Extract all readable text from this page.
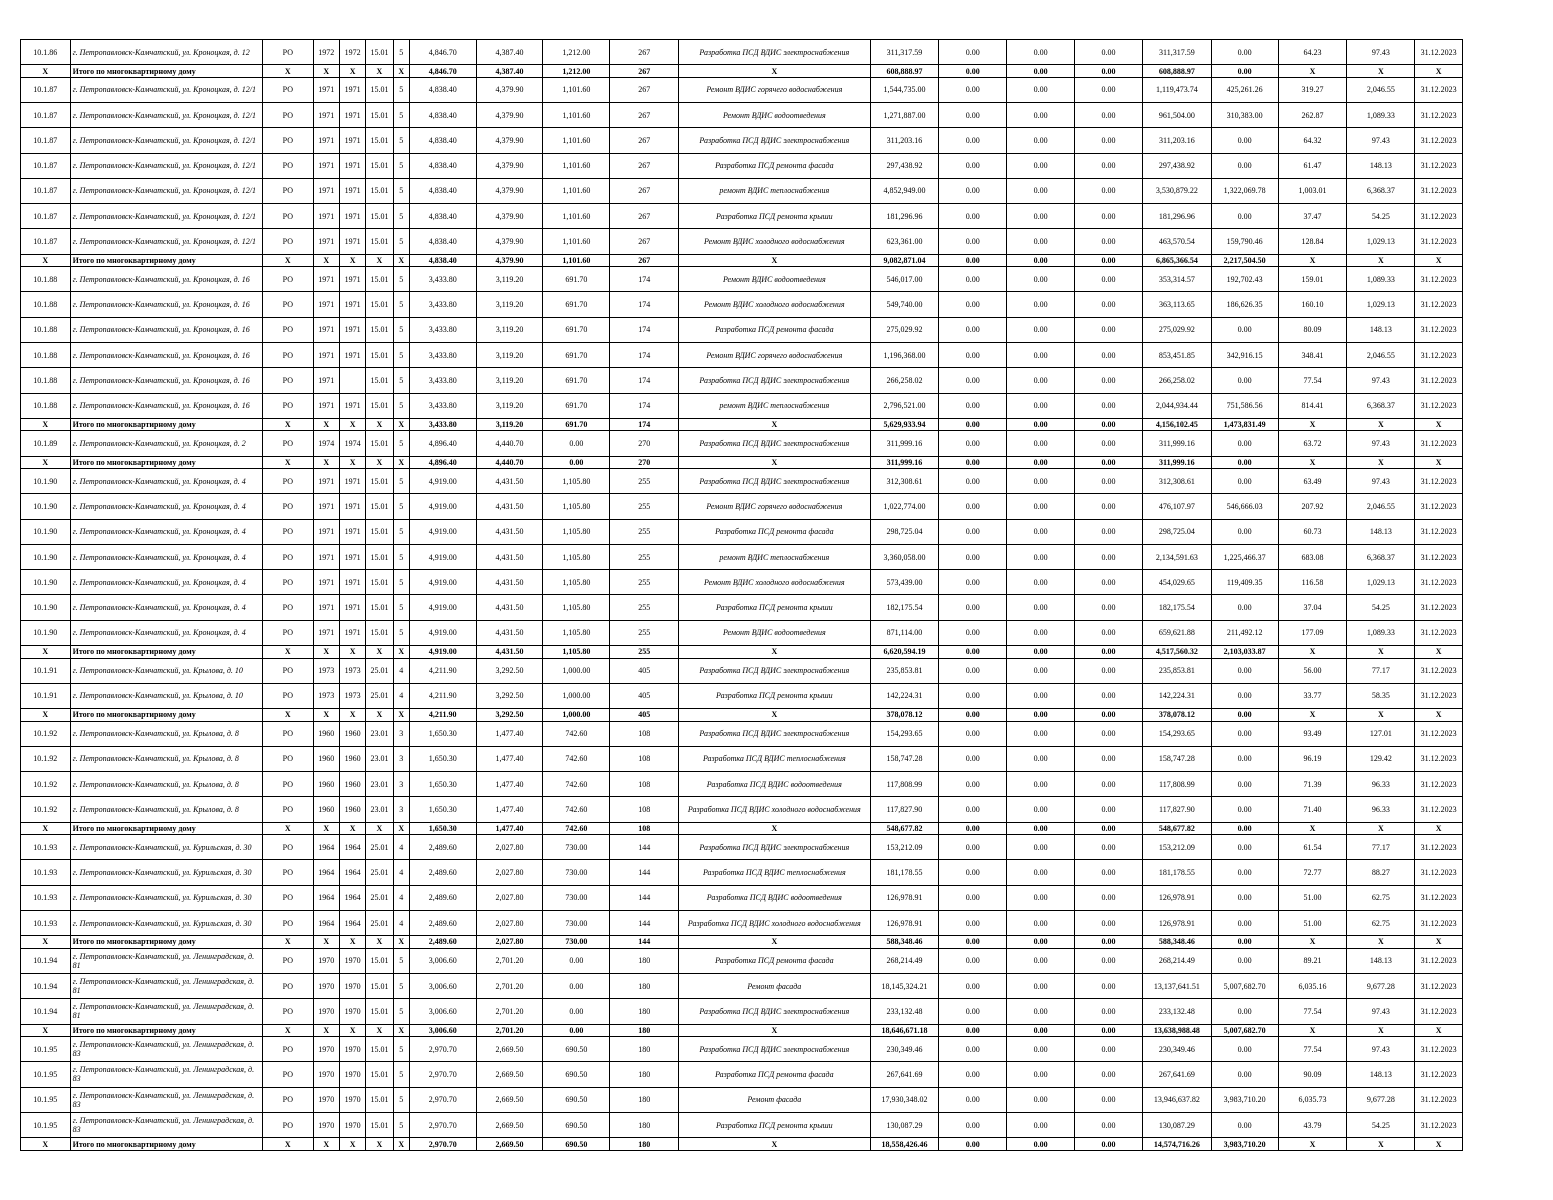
10.1.86	г. Петропавловск-Камчатский, ул. Кроноцкая, д. 12	РО	1972	1972	15.01	5	4,846.70	4,387.40	1,212.00	267	Разработка ПСД ВДИС электроснабжения	311,317.59	0.00	0.00	0.00	311,317.59	0.00	64.23	97.43	31.12.2023
X	Итого по многоквартирному дому	X	X	X	X	X	4,846.70	4,387.40	1,212.00	267	X	608,888.97	0.00	0.00	0.00	608,888.97	0.00	X	X	X
10.1.87	г. Петропавловск-Камчатский, ул. Кроноцкая, д. 12/1	РО	1971	1971	15.01	5	4,838.40	4,379.90	1,101.60	267	Ремонт ВДИС горячего водоснабжения	1,544,735.00	0.00	0.00	0.00	1,119,473.74	425,261.26	319.27	2,046.55	31.12.2023
10.1.87	г. Петропавловск-Камчатский, ул. Кроноцкая, д. 12/1	РО	1971	1971	15.01	5	4,838.40	4,379.90	1,101.60	267	Ремонт ВДИС водоотведения	1,271,887.00	0.00	0.00	0.00	961,504.00	310,383.00	262.87	1,089.33	31.12.2023
10.1.87	г. Петропавловск-Камчатский, ул. Кроноцкая, д. 12/1	РО	1971	1971	15.01	5	4,838.40	4,379.90	1,101.60	267	Разработка ПСД ВДИС электроснабжения	311,203.16	0.00	0.00	0.00	311,203.16	0.00	64.32	97.43	31.12.2023
10.1.87	г. Петропавловск-Камчатский, ул. Кроноцкая, д. 12/1	РО	1971	1971	15.01	5	4,838.40	4,379.90	1,101.60	267	Разработка ПСД ремонта фасада	297,438.92	0.00	0.00	0.00	297,438.92	0.00	61.47	148.13	31.12.2023
10.1.87	г. Петропавловск-Камчатский, ул. Кроноцкая, д. 12/1	РО	1971	1971	15.01	5	4,838.40	4,379.90	1,101.60	267	ремонт ВДИС теплоснабжения	4,852,949.00	0.00	0.00	0.00	3,530,879.22	1,322,069.78	1,003.01	6,368.37	31.12.2023
10.1.87	г. Петропавловск-Камчатский, ул. Кроноцкая, д. 12/1	РО	1971	1971	15.01	5	4,838.40	4,379.90	1,101.60	267	Разработка ПСД ремонта крыши	181,296.96	0.00	0.00	0.00	181,296.96	0.00	37.47	54.25	31.12.2023
10.1.87	г. Петропавловск-Камчатский, ул. Кроноцкая, д. 12/1	РО	1971	1971	15.01	5	4,838.40	4,379.90	1,101.60	267	Ремонт ВДИС холодного водоснабжения	623,361.00	0.00	0.00	0.00	463,570.54	159,790.46	128.84	1,029.13	31.12.2023
X	Итого по многоквартирному дому	X	X	X	X	X	4,838.40	4,379.90	1,101.60	267	X	9,082,871.04	0.00	0.00	0.00	6,865,366.54	2,217,504.50	X	X	X
10.1.88	г. Петропавловск-Камчатский, ул. Кроноцкая, д. 16	РО	1971	1971	15.01	5	3,433.80	3,119.20	691.70	174	Ремонт ВДИС водоотведения	546,017.00	0.00	0.00	0.00	353,314.57	192,702.43	159.01	1,089.33	31.12.2023
10.1.88	г. Петропавловск-Камчатский, ул. Кроноцкая, д. 16	РО	1971	1971	15.01	5	3,433.80	3,119.20	691.70	174	Ремонт ВДИС холодного водоснабжения	549,740.00	0.00	0.00	0.00	363,113.65	186,626.35	160.10	1,029.13	31.12.2023
10.1.88	г. Петропавловск-Камчатский, ул. Кроноцкая, д. 16	РО	1971	1971	15.01	5	3,433.80	3,119.20	691.70	174	Разработка ПСД ремонта фасада	275,029.92	0.00	0.00	0.00	275,029.92	0.00	80.09	148.13	31.12.2023
10.1.88	г. Петропавловск-Камчатский, ул. Кроноцкая, д. 16	РО	1971	1971	15.01	5	3,433.80	3,119.20	691.70	174	Ремонт ВДИС горячего водоснабжения	1,196,368.00	0.00	0.00	0.00	853,451.85	342,916.15	348.41	2,046.55	31.12.2023
10.1.88	г. Петропавловск-Камчатский, ул. Кроноцкая, д. 16	РО	1971		15.01	5	3,433.80	3,119.20	691.70	174	Разработка ПСД ВДИС электроснабжения	266,258.02	0.00	0.00	0.00	266,258.02	0.00	77.54	97.43	31.12.2023
10.1.88	г. Петропавловск-Камчатский, ул. Кроноцкая, д. 16	РО	1971	1971	15.01	5	3,433.80	3,119.20	691.70	174	ремонт ВДИС теплоснабжения	2,796,521.00	0.00	0.00	0.00	2,044,934.44	751,586.56	814.41	6,368.37	31.12.2023
X	Итого по многоквартирному дому	X	X	X	X	X	3,433.80	3,119.20	691.70	174	X	5,629,933.94	0.00	0.00	0.00	4,156,102.45	1,473,831.49	X	X	X
10.1.89	г. Петропавловск-Камчатский, ул. Кроноцкая, д. 2	РО	1974	1974	15.01	5	4,896.40	4,440.70	0.00	270	Разработка ПСД ВДИС электроснабжения	311,999.16	0.00	0.00	0.00	311,999.16	0.00	63.72	97.43	31.12.2023
X	Итого по многоквартирному дому	X	X	X	X	X	4,896.40	4,440.70	0.00	270	X	311,999.16	0.00	0.00	0.00	311,999.16	0.00	X	X	X
10.1.90	г. Петропавловск-Камчатский, ул. Кроноцкая, д. 4	РО	1971	1971	15.01	5	4,919.00	4,431.50	1,105.80	255	Разработка ПСД ВДИС электроснабжения	312,308.61	0.00	0.00	0.00	312,308.61	0.00	63.49	97.43	31.12.2023
10.1.90	г. Петропавловск-Камчатский, ул. Кроноцкая, д. 4	РО	1971	1971	15.01	5	4,919.00	4,431.50	1,105.80	255	Ремонт ВДИС горячего водоснабжения	1,022,774.00	0.00	0.00	0.00	476,107.97	546,666.03	207.92	2,046.55	31.12.2023
10.1.90	г. Петропавловск-Камчатский, ул. Кроноцкая, д. 4	РО	1971	1971	15.01	5	4,919.00	4,431.50	1,105.80	255	Разработка ПСД ремонта фасада	298,725.04	0.00	0.00	0.00	298,725.04	0.00	60.73	148.13	31.12.2023
10.1.90	г. Петропавловск-Камчатский, ул. Кроноцкая, д. 4	РО	1971	1971	15.01	5	4,919.00	4,431.50	1,105.80	255	ремонт ВДИС теплоснабжения	3,360,058.00	0.00	0.00	0.00	2,134,591.63	1,225,466.37	683.08	6,368.37	31.12.2023
10.1.90	г. Петропавловск-Камчатский, ул. Кроноцкая, д. 4	РО	1971	1971	15.01	5	4,919.00	4,431.50	1,105.80	255	Ремонт ВДИС холодного водоснабжения	573,439.00	0.00	0.00	0.00	454,029.65	119,409.35	116.58	1,029.13	31.12.2023
10.1.90	г. Петропавловск-Камчатский, ул. Кроноцкая, д. 4	РО	1971	1971	15.01	5	4,919.00	4,431.50	1,105.80	255	Разработка ПСД ремонта крыши	182,175.54	0.00	0.00	0.00	182,175.54	0.00	37.04	54.25	31.12.2023
10.1.90	г. Петропавловск-Камчатский, ул. Кроноцкая, д. 4	РО	1971	1971	15.01	5	4,919.00	4,431.50	1,105.80	255	Ремонт ВДИС водоотведения	871,114.00	0.00	0.00	0.00	659,621.88	211,492.12	177.09	1,089.33	31.12.2023
X	Итого по многоквартирному дому	X	X	X	X	X	4,919.00	4,431.50	1,105.80	255	X	6,620,594.19	0.00	0.00	0.00	4,517,560.32	2,103,033.87	X	X	X
10.1.91	г. Петропавловск-Камчатский, ул. Крылова, д. 10	РО	1973	1973	25.01	4	4,211.90	3,292.50	1,000.00	405	Разработка ПСД ВДИС электроснабжения	235,853.81	0.00	0.00	0.00	235,853.81	0.00	56.00	77.17	31.12.2023
10.1.91	г. Петропавловск-Камчатский, ул. Крылова, д. 10	РО	1973	1973	25.01	4	4,211.90	3,292.50	1,000.00	405	Разработка ПСД ремонта крыши	142,224.31	0.00	0.00	0.00	142,224.31	0.00	33.77	58.35	31.12.2023
X	Итого по многоквартирному дому	X	X	X	X	X	4,211.90	3,292.50	1,000.00	405	X	378,078.12	0.00	0.00	0.00	378,078.12	0.00	X	X	X
10.1.92	г. Петропавловск-Камчатский, ул. Крылова, д. 8	РО	1960	1960	23.01	3	1,650.30	1,477.40	742.60	108	Разработка ПСД ВДИС электроснабжения	154,293.65	0.00	0.00	0.00	154,293.65	0.00	93.49	127.01	31.12.2023
10.1.92	г. Петропавловск-Камчатский, ул. Крылова, д. 8	РО	1960	1960	23.01	3	1,650.30	1,477.40	742.60	108	Разработка ПСД ВДИС теплоснабжения	158,747.28	0.00	0.00	0.00	158,747.28	0.00	96.19	129.42	31.12.2023
10.1.92	г. Петропавловск-Камчатский, ул. Крылова, д. 8	РО	1960	1960	23.01	3	1,650.30	1,477.40	742.60	108	Разработка ПСД ВДИС водоотведения	117,808.99	0.00	0.00	0.00	117,808.99	0.00	71.39	96.33	31.12.2023
10.1.92	г. Петропавловск-Камчатский, ул. Крылова, д. 8	РО	1960	1960	23.01	3	1,650.30	1,477.40	742.60	108	Разработка ПСД ВДИС холодного водоснабжения	117,827.90	0.00	0.00	0.00	117,827.90	0.00	71.40	96.33	31.12.2023
X	Итого по многоквартирному дому	X	X	X	X	X	1,650.30	1,477.40	742.60	108	X	548,677.82	0.00	0.00	0.00	548,677.82	0.00	X	X	X
10.1.93	г. Петропавловск-Камчатский, ул. Курильская, д. 30	РО	1964	1964	25.01	4	2,489.60	2,027.80	730.00	144	Разработка ПСД ВДИС электроснабжения	153,212.09	0.00	0.00	0.00	153,212.09	0.00	61.54	77.17	31.12.2023
10.1.93	г. Петропавловск-Камчатский, ул. Курильская, д. 30	РО	1964	1964	25.01	4	2,489.60	2,027.80	730.00	144	Разработка ПСД ВДИС теплоснабжения	181,178.55	0.00	0.00	0.00	181,178.55	0.00	72.77	88.27	31.12.2023
10.1.93	г. Петропавловск-Камчатский, ул. Курильская, д. 30	РО	1964	1964	25.01	4	2,489.60	2,027.80	730.00	144	Разработка ПСД ВДИС водоотведения	126,978.91	0.00	0.00	0.00	126,978.91	0.00	51.00	62.75	31.12.2023
10.1.93	г. Петропавловск-Камчатский, ул. Курильская, д. 30	РО	1964	1964	25.01	4	2,489.60	2,027.80	730.00	144	Разработка ПСД ВДИС холодного водоснабжения	126,978.91	0.00	0.00	0.00	126,978.91	0.00	51.00	62.75	31.12.2023
X	Итого по многоквартирному дому	X	X	X	X	X	2,489.60	2,027.80	730.00	144	X	588,348.46	0.00	0.00	0.00	588,348.46	0.00	X	X	X
10.1.94	г. Петропавловск-Камчатский, ул. Ленинградская, д. 81	РО	1970	1970	15.01	5	3,006.60	2,701.20	0.00	180	Разработка ПСД ремонта фасада	268,214.49	0.00	0.00	0.00	268,214.49	0.00	89.21	148.13	31.12.2023
10.1.94	г. Петропавловск-Камчатский, ул. Ленинградская, д. 81	РО	1970	1970	15.01	5	3,006.60	2,701.20	0.00	180	Ремонт фасада	18,145,324.21	0.00	0.00	0.00	13,137,641.51	5,007,682.70	6,035.16	9,677.28	31.12.2023
10.1.94	г. Петропавловск-Камчатский, ул. Ленинградская, д. 81	РО	1970	1970	15.01	5	3,006.60	2,701.20	0.00	180	Разработка ПСД ВДИС электроснабжения	233,132.48	0.00	0.00	0.00	233,132.48	0.00	77.54	97.43	31.12.2023
X	Итого по многоквартирному дому	X	X	X	X	X	3,006.60	2,701.20	0.00	180	X	18,646,671.18	0.00	0.00	0.00	13,638,988.48	5,007,682.70	X	X	X
10.1.95	г. Петропавловск-Камчатский, ул. Ленинградская, д. 83	РО	1970	1970	15.01	5	2,970.70	2,669.50	690.50	180	Разработка ПСД ВДИС электроснабжения	230,349.46	0.00	0.00	0.00	230,349.46	0.00	77.54	97.43	31.12.2023
10.1.95	г. Петропавловск-Камчатский, ул. Ленинградская, д. 83	РО	1970	1970	15.01	5	2,970.70	2,669.50	690.50	180	Разработка ПСД ремонта фасада	267,641.69	0.00	0.00	0.00	267,641.69	0.00	90.09	148.13	31.12.2023
10.1.95	г. Петропавловск-Камчатский, ул. Ленинградская, д. 83	РО	1970	1970	15.01	5	2,970.70	2,669.50	690.50	180	Ремонт фасада	17,930,348.02	0.00	0.00	0.00	13,946,637.82	3,983,710.20	6,035.73	9,677.28	31.12.2023
10.1.95	г. Петропавловск-Камчатский, ул. Ленинградская, д. 83	РО	1970	1970	15.01	5	2,970.70	2,669.50	690.50	180	Разработка ПСД ремонта крыши	130,087.29	0.00	0.00	0.00	130,087.29	0.00	43.79	54.25	31.12.2023
X	Итого по многоквартирному дому	X	X	X	X	X	2,970.70	2,669.50	690.50	180	X	18,558,426.46	0.00	0.00	0.00	14,574,716.26	3,983,710.20	X	X	X
